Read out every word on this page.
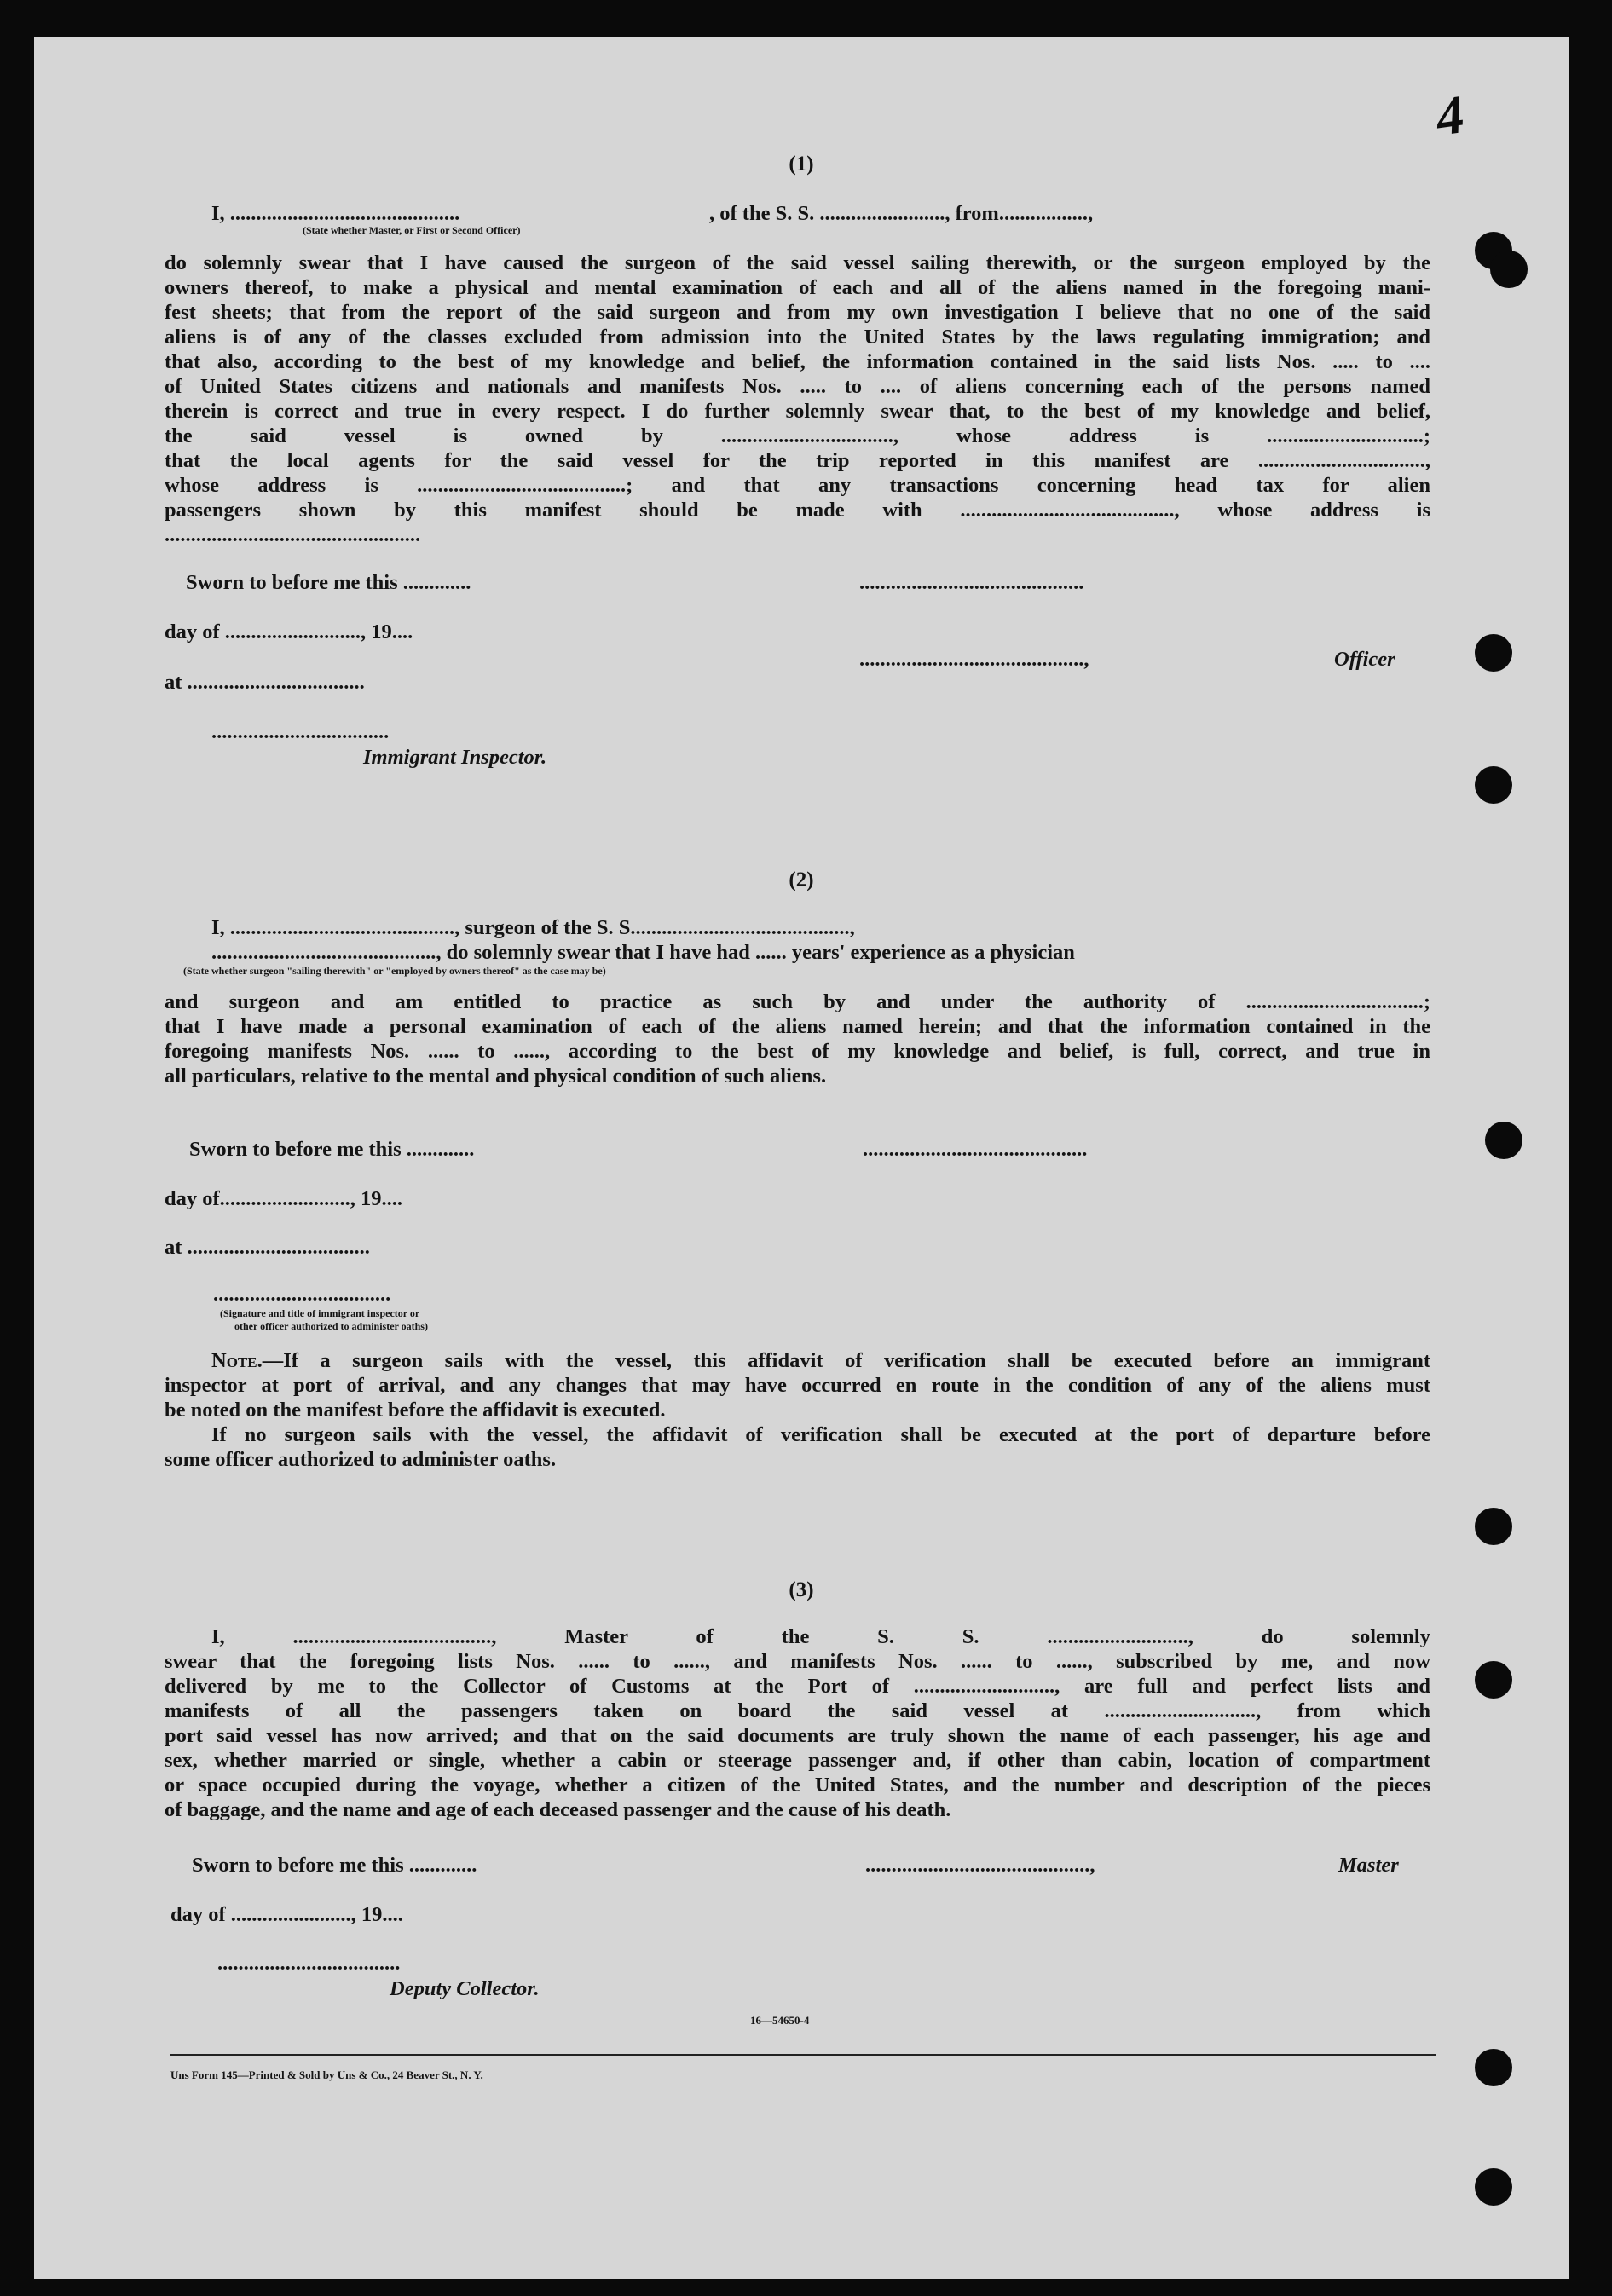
4
(1)
I, ............................................	, of the S. S. ........................, from.................,
(State whether Master, or First or Second Officer)
do solemnly swear that I have caused the surgeon of the said vessel sailing therewith, or the surgeon employed by the
owners thereof, to make a physical and mental examination of each and all of the aliens named in the foregoing mani-
fest sheets; that from the report of the said surgeon and from my own investigation I believe that no one of the said
aliens is of any of the classes excluded from admission into the United States by the laws regulating immigration; and
that also, according to the best of my knowledge and belief, the information contained in the said lists Nos. ..... to ....
of United States citizens and nationals and manifests Nos. ..... to .... of aliens concerning each of the persons named
therein is correct and true in every respect. I do further solemnly swear that, to the best of my knowledge and belief,
the said vessel is owned by ................................., whose address is ..............................;
that the local agents for the said vessel for the trip reported in this manifest are ................................,
whose address is ........................................; and that any transactions concerning head tax for alien
passengers shown by this manifest should be made with ........................................., whose address is
.................................................
Sworn to before me this .............	...........................................
day of .........................., 19....
...........................................,	Officer
at ..................................
..................................
Immigrant Inspector.
(2)
I, ..........................................., surgeon of the S. S..........................................,
..........................................., do solemnly swear that I have had ...... years' experience as a physician
(State whether surgeon "sailing therewith" or "employed by owners thereof" as the case may be)
and surgeon and am entitled to practice as such by and under the authority of ..................................;
that I have made a personal examination of each of the aliens named herein; and that the information contained in the
foregoing manifests Nos. ...... to ......, according to the best of my knowledge and belief, is full, correct, and true in
all particulars, relative to the mental and physical condition of such aliens.
Sworn to before me this .............	...........................................
day of........................., 19....
at ...................................
..................................
(Signature and title of immigrant inspector or
other officer authorized to administer oaths)
Note.—If a surgeon sails with the vessel, this affidavit of verification shall be executed before an immigrant
inspector at port of arrival, and any changes that may have occurred en route in the condition of any of the aliens must
be noted on the manifest before the affidavit is executed.
If no surgeon sails with the vessel, the affidavit of verification shall be executed at the port of departure before
some officer authorized to administer oaths.
(3)
I, ......................................, Master of the S. S. ..........................., do solemnly
swear that the foregoing lists Nos. ...... to ......, and manifests Nos. ...... to ......, subscribed by me, and now
delivered by me to the Collector of Customs at the Port of ..........................., are full and perfect lists and
manifests of all the passengers taken on board the said vessel at ............................., from which
port said vessel has now arrived; and that on the said documents are truly shown the name of each passenger, his age and
sex, whether married or single, whether a cabin or steerage passenger and, if other than cabin, location of compartment
or space occupied during the voyage, whether a citizen of the United States, and the number and description of the pieces
of baggage, and the name and age of each deceased passenger and the cause of his death.
Sworn to before me this .............	...........................................,	Master
day of ......................., 19....
...................................
Deputy Collector.
16—54650-4
Uns Form 145—Printed & Sold by Uns & Co., 24 Beaver St., N. Y.
